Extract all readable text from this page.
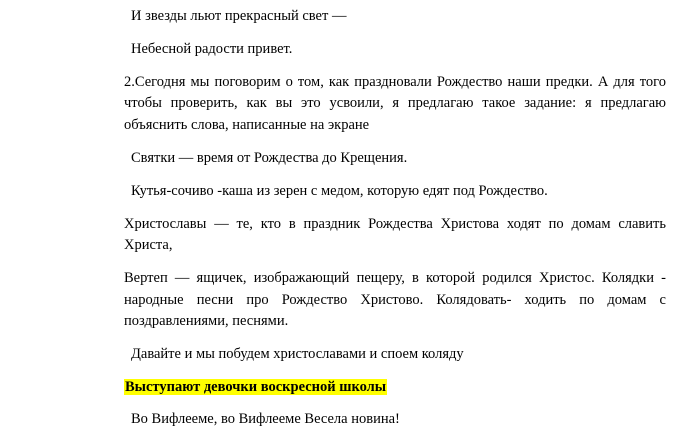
И звезды льют прекрасный свет —

Небесной радости привет.

2.Сегодня мы поговорим о том, как праздновали Рождество наши предки. А для того чтобы проверить, как вы это усвоили, я предлагаю такое задание: я предлагаю объяснить слова, написанные на экране

Святки — время от Рождества до Крещения.

Кутья-сочиво -каша из зерен с медом, которую едят под Рождество.

Христославы — те, кто в праздник Рождества Христова ходят по домам славить Христа,

Вертеп — ящичек, изображающий пещеру, в которой родился Христос. Колядки - народные песни про Рождество Христово. Колядовать- ходить по домам с поздравлениями, песнями.

Давайте и мы побудем христославами и споем коляду

Выступают девочки воскресной школы

Во Вифлееме, во Вифлееме Весела новина!
